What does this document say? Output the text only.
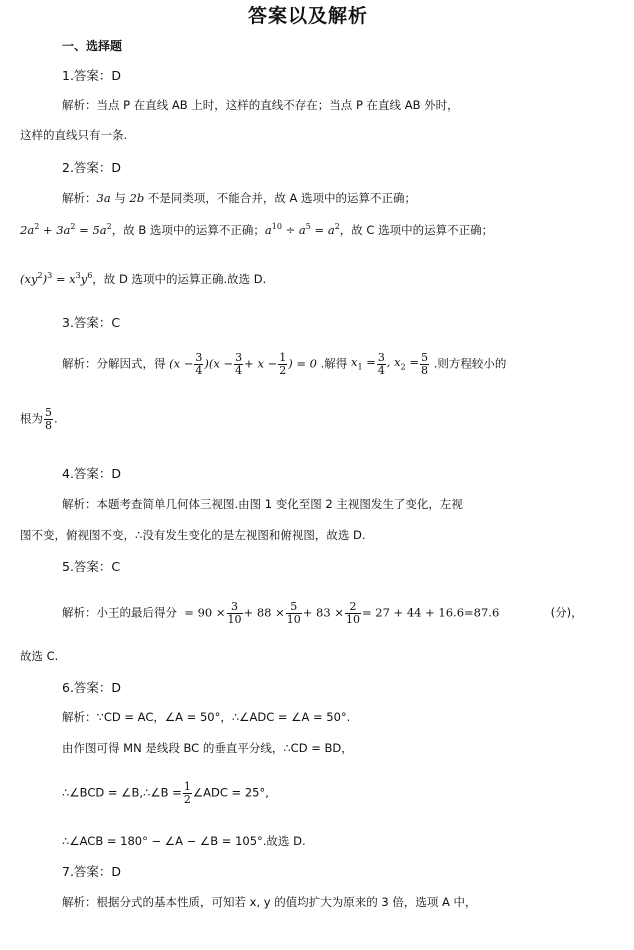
答案以及解析
一、选择题
1.答案：D
解析：当点 P 在直线 AB 上时，这样的直线不存在；当点 P 在直线 AB 外时，
这样的直线只有一条.
2.答案：D
解析：3a 与 2b 不是同类项，不能合并，故 A 选项中的运算不正确；
$2a^2 + 3a^2 = 5a^2$，故 B 选项中的运算不正确；$a^{10} \div a^5 = a^2$，故 C 选项中的运算不正确；
$(xy^2)^3 = x^3y^6$，故 D 选项中的运算正确.故选 D.
3.答案：C
解析：分解因式，得 $(x - \frac{3}{4} )(x - \frac{3}{4} + x - \frac{1}{2}$ ) = 0 .解得 $x_1 = \frac{3}{4}$ , $x_2 = \frac{5}{8}$ .则方程较小的
根为 $\frac{5}{8}$ .
4.答案：D
解析：本题考查简单几何体三视图.由图 1 变化至图 2 主视图发生了变化，左视
图不变，俯视图不变，∴没有发生变化的是左视图和俯视图，故选 D.
5.答案：C
解析：小王的最后得分  = $90 \times \frac{3}{10} + 88 \times \frac{5}{10} + 83 \times \frac{2}{10} = 27 + 44 + 16.6=87.6$	(分)，
故选 C.
6.答案：D
解析：∵CD = AC，∠A = 50°，∴∠ADC = ∠A = 50°.
由作图可得 MN 是线段 BC 的垂直平分线，∴CD = BD，
∴∠BCD = ∠B,∴∠B = $\frac{1}{2}$ ∠ADC = 25°,
∴∠ACB = 180° − ∠A − ∠B = 105°.故选 D.
7.答案：D
解析：根据分式的基本性质，可知若 x, y 的值均扩大为原来的 3 倍，选项 A 中，
